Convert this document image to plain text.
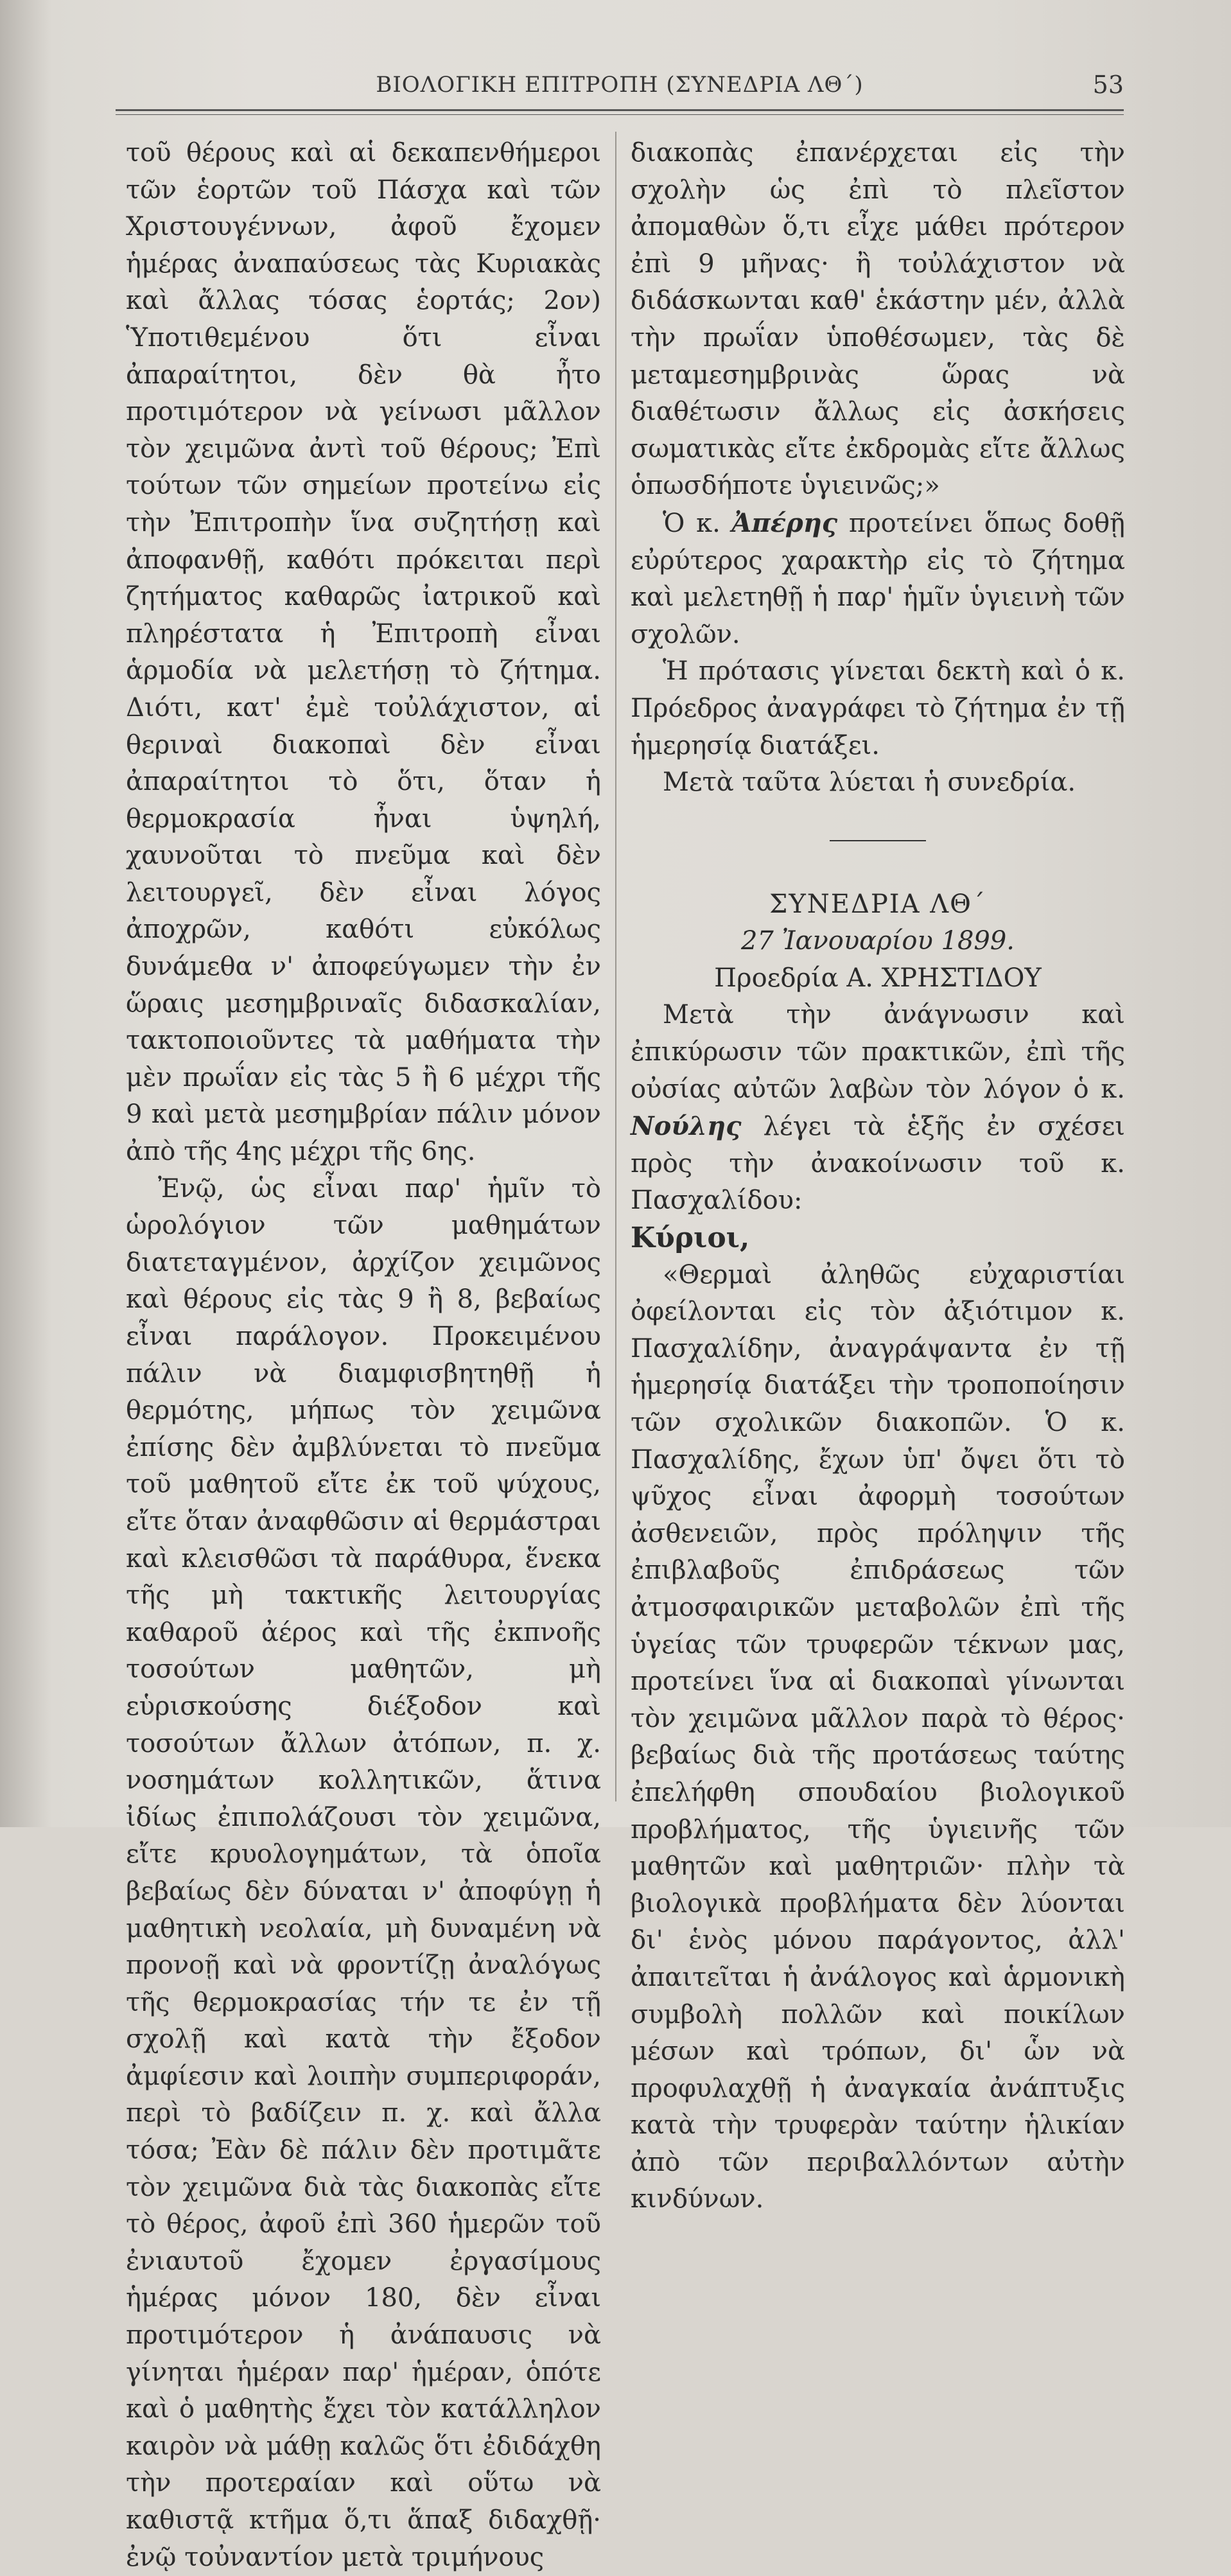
ΒΙΟΛΟΓΙΚΗ ΕΠΙΤΡΟΠΗ (ΣΥΝΕΔΡΙΑ ΛΘ΄)	53

τοῦ θέρους καὶ αἱ δεκαπενθήμεροι τῶν ἑορτῶν τοῦ Πάσχα καὶ τῶν Χριστουγέννων, ἀφοῦ ἔχομεν ἡμέρας ἀναπαύσεως τὰς Κυριακὰς καὶ ἄλλας τόσας ἑορτάς; 2ον) Ὑποτιθεμένου ὅτι εἶναι ἀπαραίτητοι, δὲν θὰ ἦτο προτιμότερον νὰ γείνωσι μᾶλλον τὸν χειμῶνα ἀντὶ τοῦ θέρους; Ἐπὶ τούτων τῶν σημείων προτείνω εἰς τὴν Ἐπιτροπὴν ἵνα συζητήσῃ καὶ ἀποφανθῇ, καθότι πρόκειται περὶ ζητήματος καθαρῶς ἰατρικοῦ καὶ πληρέστατα ἡ Ἐπιτροπὴ εἶναι ἁρμοδία νὰ μελετήσῃ τὸ ζήτημα. Διότι, κατ' ἐμὲ τοὐλάχιστον, αἱ θεριναὶ διακοπαὶ δὲν εἶναι ἀπαραίτητοι τὸ ὅτι, ὅταν ἡ θερμοκρασία ἦναι ὑψηλή, χαυνοῦται τὸ πνεῦμα καὶ δὲν λειτουργεῖ, δὲν εἶναι λόγος ἀποχρῶν, καθότι εὐκόλως δυνάμεθα ν' ἀποφεύγωμεν τὴν ἐν ὥραις μεσημβριναῖς διδασκαλίαν, τακτοποιοῦντες τὰ μαθήματα τὴν μὲν πρωΐαν εἰς τὰς 5 ἢ 6 μέχρι τῆς 9 καὶ μετὰ μεσημβρίαν πάλιν μόνον ἀπὸ τῆς 4ης μέχρι τῆς 6ης.

Ἐνῷ, ὡς εἶναι παρ' ἡμῖν τὸ ὡρολόγιον τῶν μαθημάτων διατεταγμένον, ἀρχίζον χειμῶνος καὶ θέρους εἰς τὰς 9 ἢ 8, βεβαίως εἶναι παράλογον. Προκειμένου πάλιν νὰ διαμφισβητηθῇ ἡ θερμότης, μήπως τὸν χειμῶνα ἐπίσης δὲν ἀμβλύνεται τὸ πνεῦμα τοῦ μαθητοῦ εἴτε ἐκ τοῦ ψύχους, εἴτε ὅταν ἀναφθῶσιν αἱ θερμάστραι καὶ κλεισθῶσι τὰ παράθυρα, ἕνεκα τῆς μὴ τακτικῆς λειτουργίας καθαροῦ ἀέρος καὶ τῆς ἐκπνοῆς τοσούτων μαθητῶν, μὴ εὑρισκούσης διέξοδον καὶ τοσούτων ἄλλων ἀτόπων, π. χ. νοσημάτων κολλητικῶν, ἅτινα ἰδίως ἐπιπολάζουσι τὸν χειμῶνα, εἴτε κρυολογημάτων, τὰ ὁποῖα βεβαίως δὲν δύναται ν' ἀποφύγῃ ἡ μαθητικὴ νεολαία, μὴ δυναμένη νὰ προνοῇ καὶ νὰ φροντίζῃ ἀναλόγως τῆς θερμοκρασίας τήν τε ἐν τῇ σχολῇ καὶ κατὰ τὴν ἔξοδον ἀμφίεσιν καὶ λοιπὴν συμπεριφοράν, περὶ τὸ βαδίζειν π. χ. καὶ ἄλλα τόσα; Ἐὰν δὲ πάλιν δὲν προτιμᾶτε τὸν χειμῶνα διὰ τὰς διακοπὰς εἴτε τὸ θέρος, ἀφοῦ ἐπὶ 360 ἡμερῶν τοῦ ἐνιαυτοῦ ἔχομεν ἐργασίμους ἡμέρας μόνον 180, δὲν εἶναι προτιμότερον ἡ ἀνάπαυσις νὰ γίνηται ἡμέραν παρ' ἡμέραν, ὁπότε καὶ ὁ μαθητὴς ἔχει τὸν κατάλληλον καιρὸν νὰ μάθῃ καλῶς ὅτι ἐδιδάχθη τὴν προτεραίαν καὶ οὕτω νὰ καθιστᾷ κτῆμα ὅ,τι ἅπαξ διδαχθῇ· ἐνῷ τοὐναντίον μετὰ τριμήνους

διακοπὰς ἐπανέρχεται εἰς τὴν σχολὴν ὡς ἐπὶ τὸ πλεῖστον ἀπομαθὼν ὅ,τι εἶχε μάθει πρότερον ἐπὶ 9 μῆνας· ἢ τοὐλάχιστον νὰ διδάσκωνται καθ' ἑκάστην μέν, ἀλλὰ τὴν πρωΐαν ὑποθέσωμεν, τὰς δὲ μεταμεσημβρινὰς ὥρας νὰ διαθέτωσιν ἄλλως εἰς ἀσκήσεις σωματικὰς εἴτε ἐκδρομὰς εἴτε ἄλλως ὁπωσδήποτε ὑγιεινῶς;»

Ὁ κ. Ἀπέρης προτείνει ὅπως δοθῇ εὐρύτερος χαρακτὴρ εἰς τὸ ζήτημα καὶ μελετηθῇ ἡ παρ' ἡμῖν ὑγιεινὴ τῶν σχολῶν.

Ἡ πρότασις γίνεται δεκτὴ καὶ ὁ κ. Πρόεδρος ἀναγράφει τὸ ζήτημα ἐν τῇ ἡμερησίᾳ διατάξει.

Μετὰ ταῦτα λύεται ἡ συνεδρία.

ΣΥΝΕΔΡΙΑ ΛΘ΄

27 Ἰανουαρίου 1899.

Προεδρία Α. ΧΡΗΣΤΙΔΟΥ

Μετὰ τὴν ἀνάγνωσιν καὶ ἐπικύρωσιν τῶν πρακτικῶν, ἐπὶ τῆς οὐσίας αὐτῶν λαβὼν τὸν λόγον ὁ κ. Νούλης λέγει τὰ ἑξῆς ἐν σχέσει πρὸς τὴν ἀνακοίνωσιν τοῦ κ. Πασχαλίδου:

Κύριοι,

«Θερμαὶ ἀληθῶς εὐχαριστίαι ὀφείλονται εἰς τὸν ἀξιότιμον κ. Πασχαλίδην, ἀναγράψαντα ἐν τῇ ἡμερησίᾳ διατάξει τὴν τροποποίησιν τῶν σχολικῶν διακοπῶν. Ὁ κ. Πασχαλίδης, ἔχων ὑπ' ὄψει ὅτι τὸ ψῦχος εἶναι ἀφορμὴ τοσούτων ἀσθενειῶν, πρὸς πρόληψιν τῆς ἐπιβλαβοῦς ἐπιδράσεως τῶν ἀτμοσφαιρικῶν μεταβολῶν ἐπὶ τῆς ὑγείας τῶν τρυφερῶν τέκνων μας, προτείνει ἵνα αἱ διακοπαὶ γίνωνται τὸν χειμῶνα μᾶλλον παρὰ τὸ θέρος· βεβαίως διὰ τῆς προτάσεως ταύτης ἐπελήφθη σπουδαίου βιολογικοῦ προβλήματος, τῆς ὑγιεινῆς τῶν μαθητῶν καὶ μαθητριῶν· πλὴν τὰ βιολογικὰ προβλήματα δὲν λύονται δι' ἑνὸς μόνου παράγοντος, ἀλλ' ἀπαιτεῖται ἡ ἀνάλογος καὶ ἁρμονικὴ συμβολὴ πολλῶν καὶ ποικίλων μέσων καὶ τρόπων, δι' ὧν νὰ προφυλαχθῇ ἡ ἀναγκαία ἀνάπτυξις κατὰ τὴν τρυφερὰν ταύτην ἡλικίαν ἀπὸ τῶν περιβαλλόντων αὐτὴν κινδύνων.
